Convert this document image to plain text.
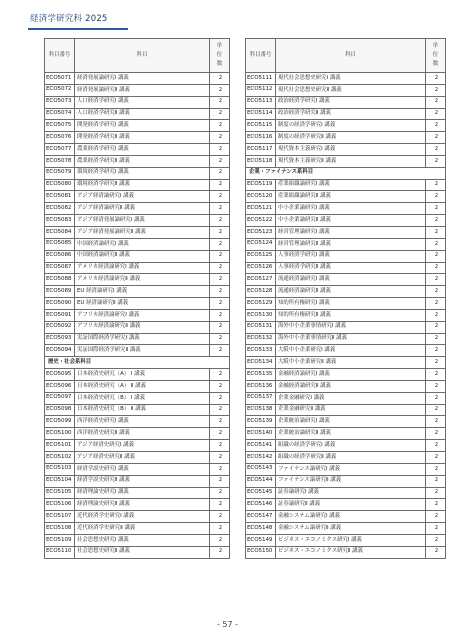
経済学研究科 2025
科目番号	科目	単位数
ECO5071	経済発展論研究Ⅰ 講義	2
ECO5072	経済発展論研究Ⅱ 講義	2
ECO5073	人口経済学研究Ⅰ 講義	2
ECO5074	人口経済学研究Ⅱ 講義	2
ECO5075	開発経済学研究Ⅰ 講義	2
ECO5076	開発経済学研究Ⅱ 講義	2
ECO5077	農業経済学研究Ⅰ 講義	2
ECO5078	農業経済学研究Ⅱ 講義	2
ECO5079	環境経済学研究Ⅰ 講義	2
ECO5080	環境経済学研究Ⅱ 講義	2
ECO5081	アジア経済論研究Ⅰ 講義	2
ECO5082	アジア経済論研究Ⅱ 講義	2
ECO5083	アジア経済発展論研究Ⅰ 講義	2
ECO5084	アジア経済発展論研究Ⅱ 講義	2
ECO5085	中国経済論研究Ⅰ 講義	2
ECO5086	中国経済論研究Ⅱ 講義	2
ECO5087	アメリカ経済論研究Ⅰ 講義	2
ECO5088	アメリカ経済論研究Ⅱ 講義	2
ECO5089	EU 経済論研究Ⅰ 講義	2
ECO5090	EU 経済論研究Ⅱ 講義	2
ECO5091	アフリカ経済論研究Ⅰ 講義	2
ECO5092	アフリカ経済論研究Ⅱ 講義	2
ECO5093	実証国際経済学研究Ⅰ 講義	2
ECO5094	実証国際経済学研究Ⅱ 講義	2
歴史・社会系科目		
ECO5095	日本経済史研究（A） Ⅰ 講義	2
ECO5096	日本経済史研究（A） Ⅱ 講義	2
ECO5097	日本経済史研究（B） Ⅰ 講義	2
ECO5098	日本経済史研究（B） Ⅱ 講義	2
ECO5099	西洋経済史研究Ⅰ 講義	2
ECO5100	西洋経済史研究Ⅱ 講義	2
ECO5101	アジア経済史研究Ⅰ 講義	2
ECO5102	アジア経済史研究Ⅱ 講義	2
ECO5103	経済学説史研究Ⅰ 講義	2
ECO5104	経済学説史研究Ⅱ 講義	2
ECO5105	経済理論史研究Ⅰ 講義	2
ECO5106	経済理論史研究Ⅱ 講義	2
ECO5107	近代経済学史研究Ⅰ 講義	2
ECO5108	近代経済学史研究Ⅱ 講義	2
ECO5109	社会思想史研究Ⅰ 講義	2
ECO5110	社会思想史研究Ⅱ 講義	2
科目番号	科目	単位数
ECO5111	現代社会思想史研究Ⅰ 講義	2
ECO5112	現代社会思想史研究Ⅱ 講義	2
ECO5113	政治経済学研究Ⅰ 講義	2
ECO5114	政治経済学研究Ⅱ 講義	2
ECO5115	制度の経済学研究Ⅰ 講義	2
ECO5116	制度の経済学研究Ⅱ 講義	2
ECO5117	現代資本主義研究Ⅰ 講義	2
ECO5118	現代資本主義研究Ⅱ 講義	2
企業・ファイナンス系科目		
ECO5119	産業組織論研究Ⅰ 講義	2
ECO5120	産業組織論研究Ⅱ 講義	2
ECO5121	中小企業論研究Ⅰ 講義	2
ECO5122	中小企業論研究Ⅱ 講義	2
ECO5123	経営管理論研究Ⅰ 講義	2
ECO5124	経営管理論研究Ⅱ 講義	2
ECO5125	人事経済学研究Ⅰ 講義	2
ECO5126	人事経済学研究Ⅱ 講義	2
ECO5127	流通経済論研究Ⅰ 講義	2
ECO5128	流通経済論研究Ⅱ 講義	2
ECO5129	知的所有権研究Ⅰ 講義	2
ECO5130	知的所有権研究Ⅱ 講義	2
ECO5131	海外中小企業事情研究Ⅰ 講義	2
ECO5132	海外中小企業事情研究Ⅱ 講義	2
ECO5133	大阪中小企業研究Ⅰ 講義	2
ECO5134	大阪中小企業研究Ⅱ 講義	2
ECO5135	金融経済論研究Ⅰ 講義	2
ECO5136	金融経済論研究Ⅱ 講義	2
ECO5137	企業金融研究Ⅰ 講義	2
ECO5138	企業金融研究Ⅱ 講義	2
ECO5139	企業統治論研究Ⅰ 講義	2
ECO5140	企業統治論研究Ⅱ 講義	2
ECO5141	組織の経済学研究Ⅰ 講義	2
ECO5142	組織の経済学研究Ⅱ 講義	2
ECO5143	ファイナンス論研究Ⅰ 講義	2
ECO5144	ファイナンス論研究Ⅱ 講義	2
ECO5145	証券論研究Ⅰ 講義	2
ECO5146	証券論研究Ⅱ 講義	2
ECO5147	金融システム論研究Ⅰ 講義	2
ECO5148	金融システム論研究Ⅱ 講義	2
ECO5149	ビジネス・エコノミクス研究Ⅰ 講義	2
ECO5150	ビジネス・エコノミクス研究Ⅱ 講義	2
- 57 -
